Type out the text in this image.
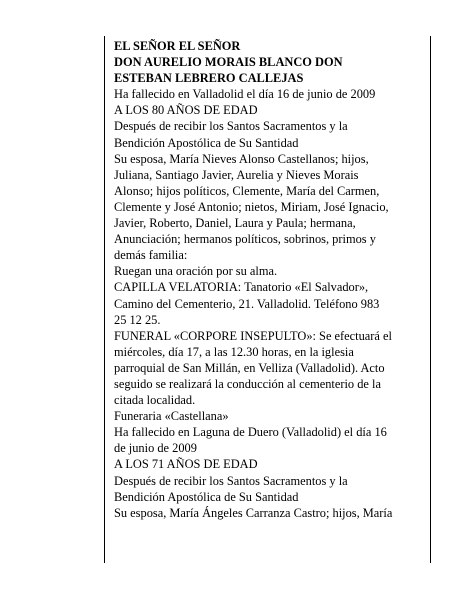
EL SEÑOR EL SEÑOR
DON AURELIO MORAIS BLANCO DON
ESTEBAN LEBRERO CALLEJAS
Ha fallecido en Valladolid el día 16 de junio de 2009
A LOS 80 AÑOS DE EDAD
Después de recibir los Santos Sacramentos y la
Bendición Apostólica de Su Santidad
Su esposa, María Nieves Alonso Castellanos; hijos,
Juliana, Santiago Javier, Aurelia y Nieves Morais
Alonso; hijos políticos, Clemente, María del Carmen,
Clemente y José Antonio; nietos, Miriam, José Ignacio,
Javier, Roberto, Daniel, Laura y Paula; hermana,
Anunciación; hermanos políticos, sobrinos, primos y
demás familia:
Ruegan una oración por su alma.
CAPILLA VELATORIA: Tanatorio «El Salvador»,
Camino del Cementerio, 21. Valladolid. Teléfono 983
25 12 25.
FUNERAL «CORPORE INSEPULTO»: Se efectuará el
miércoles, día 17, a las 12.30 horas, en la iglesia
parroquial de San Millán, en Velliza (Valladolid). Acto
seguido se realizará la conducción al cementerio de la
citada localidad.
Funeraria «Castellana»
Ha fallecido en Laguna de Duero (Valladolid) el día 16
de junio de 2009
A LOS 71 AÑOS DE EDAD
Después de recibir los Santos Sacramentos y la
Bendición Apostólica de Su Santidad
Su esposa, María Ángeles Carranza Castro; hijos, María
